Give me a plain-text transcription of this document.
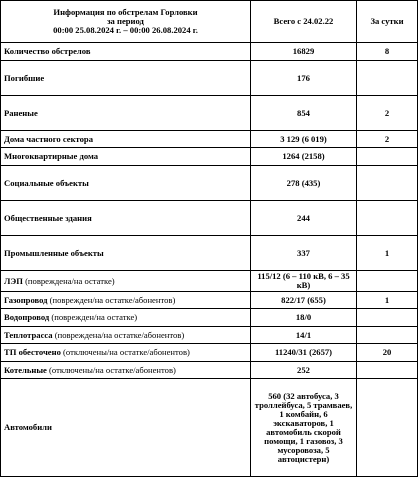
Информация по обстрелам Горловки
за период
00:00 25.08.2024 г. – 00:00 26.08.2024 г.	Всего с 24.02.22	За сутки
Количество обстрелов	16829	8
Погибшие	176	
Раненые	854	2
Дома частного сектора	3 129 (6 019)	2
Многоквартирные дома	1264 (2158)	
Социальные объекты	278 (435)	
Общественные здания	244	
Промышленные объекты	337	1
ЛЭП (повреждена/на остатке)	115/12 (6 – 110 кВ, 6 – 35 кВ)	
Газопровод (поврежден/на остатке/абонентов)	822/17 (655)	1
Водопровод (поврежден/на остатке)	18/0	
Теплотрасса (повреждена/на остатке/абонентов)	14/1	
ТП обесточено (отключены/на остатке/абонентов)	11240/31 (2657)	20
Котельные (отключены/на остатке/абонентов)	252	
Автомобили	560 (32 автобуса, 3 троллейбуса, 5 трамваев, 1 комбайн, 6 экскаваторов, 1 автомобиль скорой помощи, 1 газовоз, 3 мусоровоза, 5 автоцистерн)	
